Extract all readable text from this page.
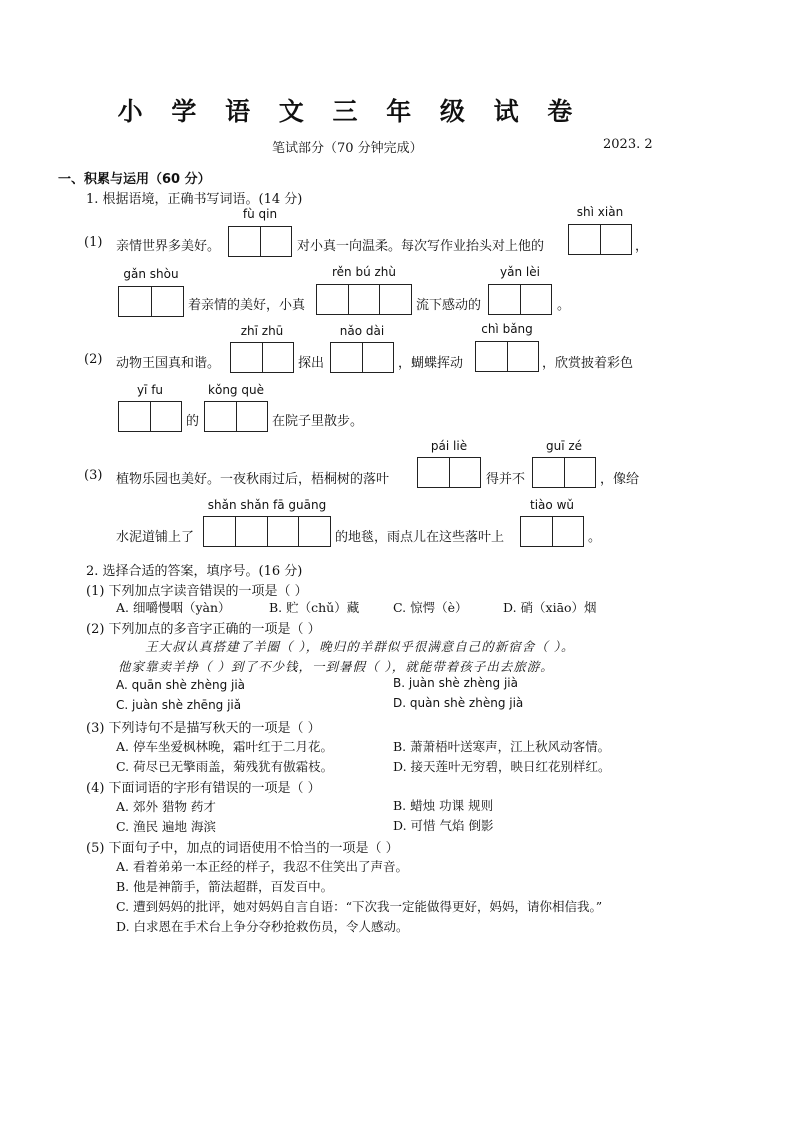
小 学 语 文 三 年 级 试 卷
笔试部分（70 分钟完成）	2023. 2
一、积累与运用（60 分）
1. 根据语境，正确书写词语。(14 分)
(1) 亲情世界多美好。
fù qin
对小真一向温柔。每次写作业抬头对上他的
shì xiàn
，
gǎn shòu
着亲情的美好，小真
rěn bú zhù
流下感动的
yǎn lèi
。
(2) 动物王国真和谐。
zhī zhū
探出
nǎo dài
，蝴蝶挥动
chì bǎng
，欣赏披着彩色
yī fu
的
kǒng què
在院子里散步。
(3) 植物乐园也美好。一夜秋雨过后，梧桐树的落叶
pái liè
得并不
guī zé
，像给
水泥道铺上了
shǎn shǎn fā guāng
的地毯，雨点儿在这些落叶上
tiào wǔ
。
2. 选择合适的答案，填序号。(16 分)
(1) 下列加点字读音错误的一项是（ ）
A. 细嚼慢咽（yàn）	B. 贮（chǔ）藏	C. 惊愕（è）	D. 硝（xiāo）烟
(2) 下列加点的多音字正确的一项是（ ）
王大叔认真搭建了羊圈（ ），晚归的羊群似乎很满意自己的新宿舍（ ）。
他家靠卖羊挣（ ）到了不少钱，一到暑假（ ），就能带着孩子出去旅游。
A. quān shè zhèng jià	B. juàn shè zhèng jià
C. juàn shè zhēng jiǎ	D. quàn shè zhèng jià
(3) 下列诗句不是描写秋天的一项是（ ）
A. 停车坐爱枫林晚，霜叶红于二月花。	B. 萧萧梧叶送寒声，江上秋风动客情。
C. 荷尽已无擎雨盖，菊残犹有傲霜枝。	D. 接天莲叶无穷碧，映日红花别样红。
(4) 下面词语的字形有错误的一项是（ ）
A. 郊外 猎物 药才	B. 蜡烛 功课 规则
C. 渔民 遍地 海滨	D. 可惜 气焰 倒影
(5) 下面句子中，加点的词语使用不恰当的一项是（ ）
A. 看着弟弟一本正经的样子，我忍不住笑出了声音。
B. 他是神箭手，箭法超群，百发百中。
C. 遭到妈妈的批评，她对妈妈自言自语：“下次我一定能做得更好，妈妈，请你相信我。”
D. 白求恩在手术台上争分夺秒抢救伤员，令人感动。
